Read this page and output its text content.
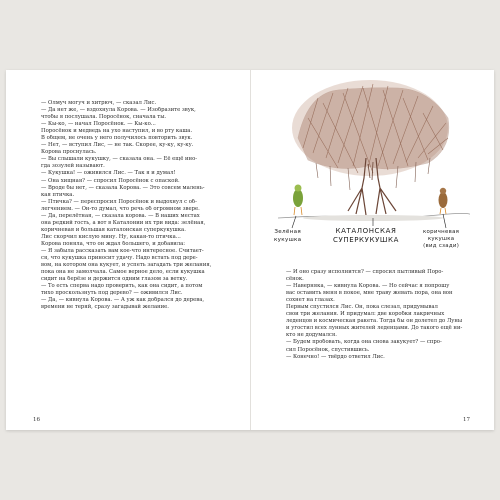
— Олмуч могуч и хитрюч, — сказал Лис.

— Да нет же, — вздохнула Корова. — Изобразите звук,

чтобы я послушала. Поросёнок, сначала ты.

— Кы-ко, — начал Поросёнок. — Кы-ко...

Поросёнок и медведь на ухо наступил, и во рту каша.

В общем, не очень у него получилось повторить звук.

— Нет, — вступил Лис, — не так. Скорее, ку-ку, ку-ку.

Корова проснулась.

— Вы слышали кукушку, — сказала она. — Её ещё ино-

гда зозулей называют.

— Кукушка! — оживился Лис. — Так я и думал!

— Она хищная? — спросил Поросёнок с опаской.

— Вроде бы нет, — сказала Корова. — Это совсем малень-

кая птичка.

— Птичка? — переспросил Поросёнок и выдохнул с об-

легчением. — Он-то думал, что речь об огромном звере.

— Да, перелётная, — сказала корова. — В наших местах

она редкий гость, а вот в Каталонии их три вида: зелёная,

коричневая и большая каталонская суперкукушка.

Лис скорчил кислую мину. Ну, какая-то птичка...

Корова поняла, что он ждал большего, и добавила:

— Я забыла рассказать вам кое-что интересное. Считает-

ся, что кукушка приносит удачу. Надо встать под дере-

вом, на котором она кукует, и успеть загадать три желания,

пока она не замолчала. Самое верное дело, если кукушка

сидит на берёзе и держится одним глазом за ветку.

— То есть сперва надо проверить, как она сидит, а потом

тихо проскользнуть под дерево? — оживился Лис.

— Да, — кивнула Корова. — А уж как добрался до дерева,

времени не теряй, сразу загадывай желание.

16
Зелёная
кукушка
КАТАЛОНСКАЯ
СУПЕРКУКУШКА
коричневая
кукушка
(вид сзади)

— И оно сразу исполнится? — спросил пытливый Поро-

сёнок.

— Наверняка, — кивнула Корова. — Но сейчас я попрошу

вас оставить меня в покое, мне траву жевать пора, она вон

сохнет на глазах.

Первым спустился Лис. Он, пока слезал, придумывал

свои три желания. И придумал: две коробки лакричных

леденцов и космическая ракета. Тогда бы он долетел до Луны

и угостил всех лунных жителей леденцами. До такого ещё ни-

кто не додумался.

— Будем пробовать, когда она снова закукует? — спро-

сил Поросёнок, спустившись.

— Конечно! — твёрдо ответил Лис.

17
